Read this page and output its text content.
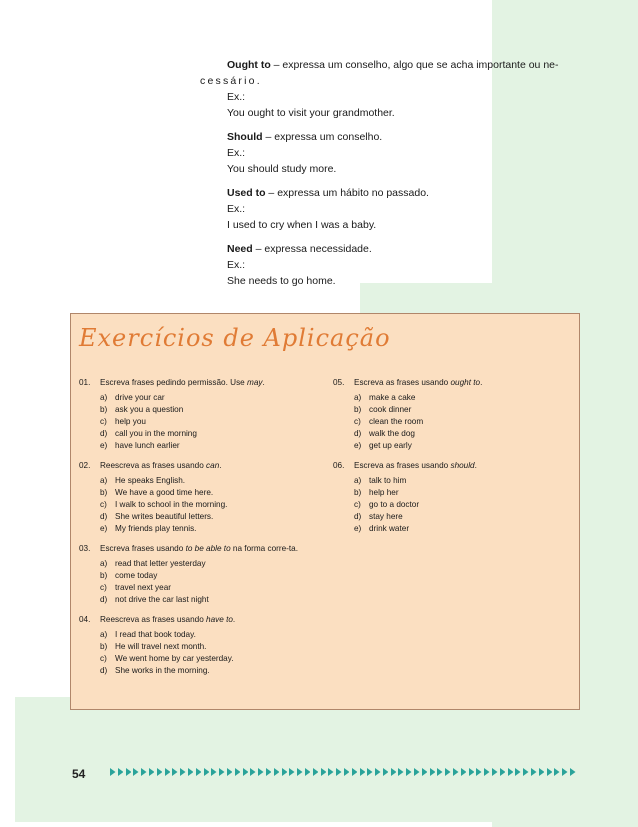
Ought to – expressa um conselho, algo que se acha importante ou ne-

cessário.

Ex.:

You ought to visit your grandmother.

Should – expressa um conselho.

Ex.:

You should study more.

Used to – expressa um hábito no passado.

Ex.:

I used to cry when I was a baby.

Need – expressa necessidade.

Ex.:

She needs to go home.

Exercícios de Aplicação
01.	Escreva frases pedindo permissão. Use may.
a) drive your car
b) ask you a question
c) help you
d) call you in the morning
e) have lunch earlier
02.	Reescreva as frases usando can.
a) He speaks English.
b) We have a good time here.
c) I walk to school in the morning.
d) She writes beautiful letters.
e) My friends play tennis.
03.	Escreva frases usando to be able to na forma corre-ta.
a) read that letter yesterday
b) come today
c) travel next year
d) not drive the car last night
04.	Reescreva as frases usando have to.
a) I read that book today.
b) He will travel next month.
c) We went home by car yesterday.
d) She works in the morning.
05.	Escreva as frases usando ought to.
a) make a cake
b) cook dinner
c) clean the room
d) walk the dog
e) get up early
06.	Escreva as frases usando should.
a) talk to him
b) help her
c) go to a doctor
d) stay here
e) drink water
54
